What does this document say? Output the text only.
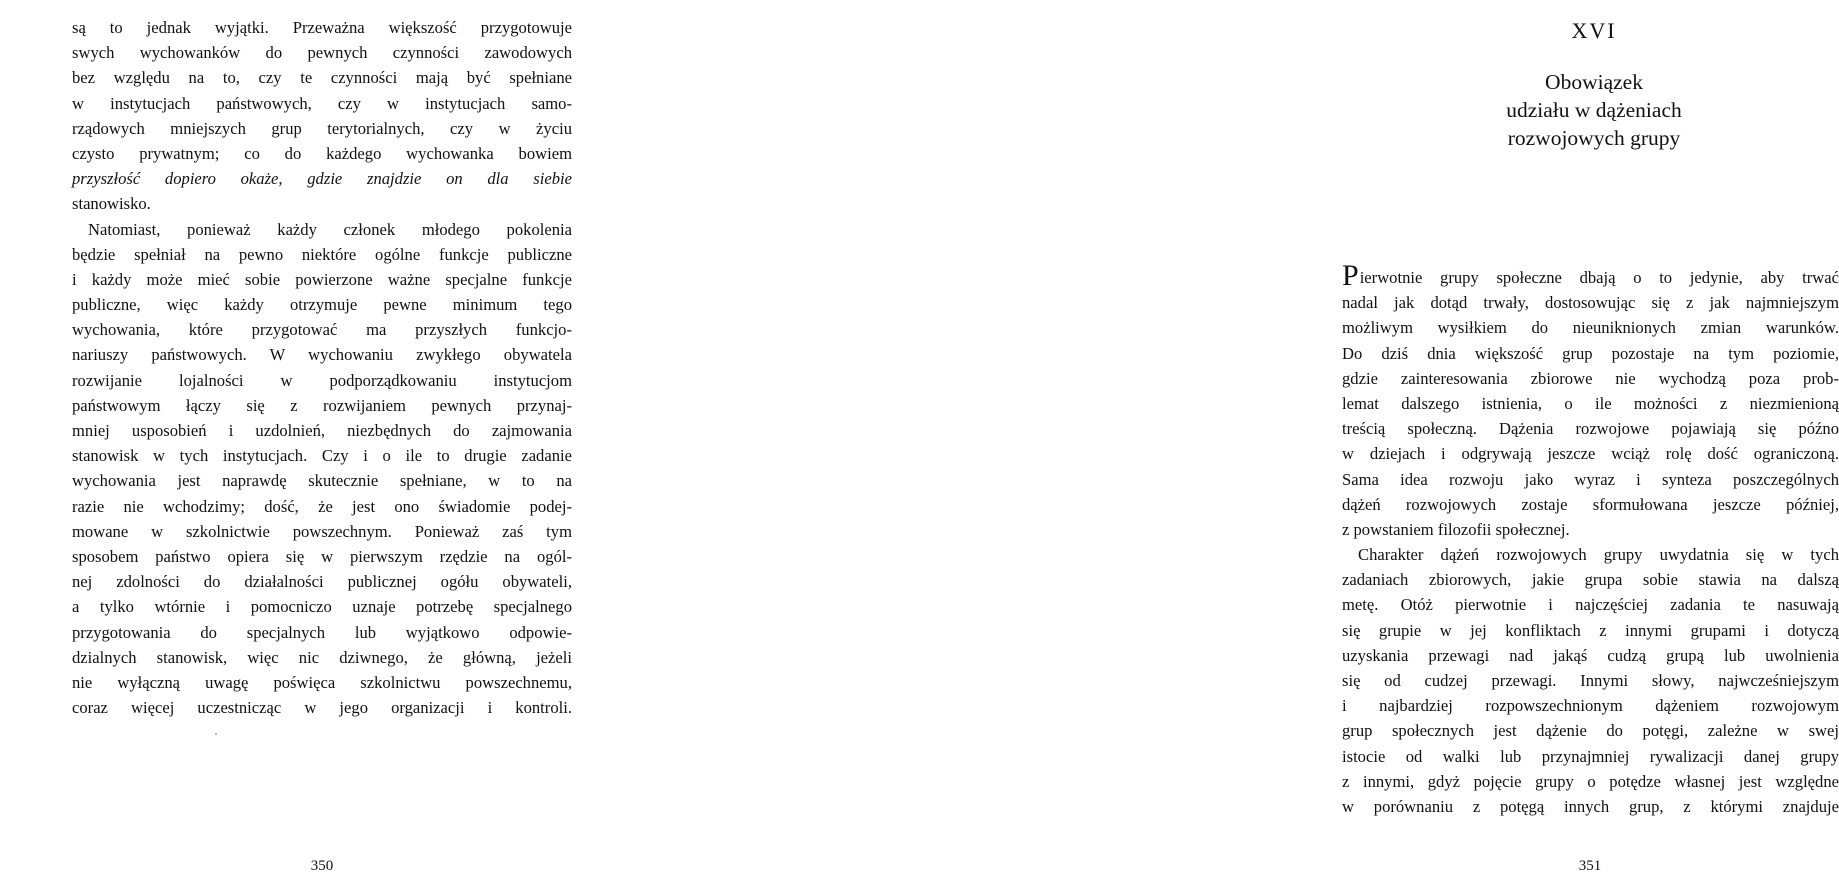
są to jednak wyjątki. Przeważna większość przygotowuje
swych wychowanków do pewnych czynności zawodowych
bez względu na to, czy te czynności mają być spełniane
w instytucjach państwowych, czy w instytucjach samo-
rządowych mniejszych grup terytorialnych, czy w życiu
czysto prywatnym; co do każdego wychowanka bowiem
przyszłość dopiero okaże, gdzie znajdzie on dla siebie
stanowisko.
Natomiast, ponieważ każdy członek młodego pokolenia
będzie spełniał na pewno niektóre ogólne funkcje publiczne
i każdy może mieć sobie powierzone ważne specjalne funkcje
publiczne, więc każdy otrzymuje pewne minimum tego
wychowania, które przygotować ma przyszłych funkcjo-
nariuszy państwowych. W wychowaniu zwykłego obywatela
rozwijanie lojalności w podporządkowaniu instytucjom
państwowym łączy się z rozwijaniem pewnych przynaj-
mniej usposobień i uzdolnień, niezbędnych do zajmowania
stanowisk w tych instytucjach. Czy i o ile to drugie zadanie
wychowania jest naprawdę skutecznie spełniane, w to na
razie nie wchodzimy; dość, że jest ono świadomie podej-
mowane w szkolnictwie powszechnym. Ponieważ zaś tym
sposobem państwo opiera się w pierwszym rzędzie na ogól-
nej zdolności do działalności publicznej ogółu obywateli,
a tylko wtórnie i pomocniczo uznaje potrzebę specjalnego
przygotowania do specjalnych lub wyjątkowo odpowie-
dzialnych stanowisk, więc nic dziwnego, że główną, jeżeli
nie wyłączną uwagę poświęca szkolnictwu powszechnemu,
coraz więcej uczestnicząc w jego organizacji i kontroli.
350
XVI
Obowiązek
udziału w dążeniach
rozwojowych grupy
Pierwotnie grupy społeczne dbają o to jedynie, aby trwać
nadal jak dotąd trwały, dostosowując się z jak najmniejszym
możliwym wysiłkiem do nieuniknionych zmian warunków.
Do dziś dnia większość grup pozostaje na tym poziomie,
gdzie zainteresowania zbiorowe nie wychodzą poza prob-
lemat dalszego istnienia, o ile możności z niezmienioną
treścią społeczną. Dążenia rozwojowe pojawiają się późno
w dziejach i odgrywają jeszcze wciąż rolę dość ograniczoną.
Sama idea rozwoju jako wyraz i synteza poszczególnych
dążeń rozwojowych zostaje sformułowana jeszcze później,
z powstaniem filozofii społecznej.
Charakter dążeń rozwojowych grupy uwydatnia się w tych
zadaniach zbiorowych, jakie grupa sobie stawia na dalszą
metę. Otóż pierwotnie i najczęściej zadania te nasuwają
się grupie w jej konfliktach z innymi grupami i dotyczą
uzyskania przewagi nad jakąś cudzą grupą lub uwolnienia
się od cudzej przewagi. Innymi słowy, najwcześniejszym
i najbardziej rozpowszechnionym dążeniem rozwojowym
grup społecznych jest dążenie do potęgi, zależne w swej
istocie od walki lub przynajmniej rywalizacji danej grupy
z innymi, gdyż pojęcie grupy o potędze własnej jest względne
w porównaniu z potęgą innych grup, z którymi znajduje
351
